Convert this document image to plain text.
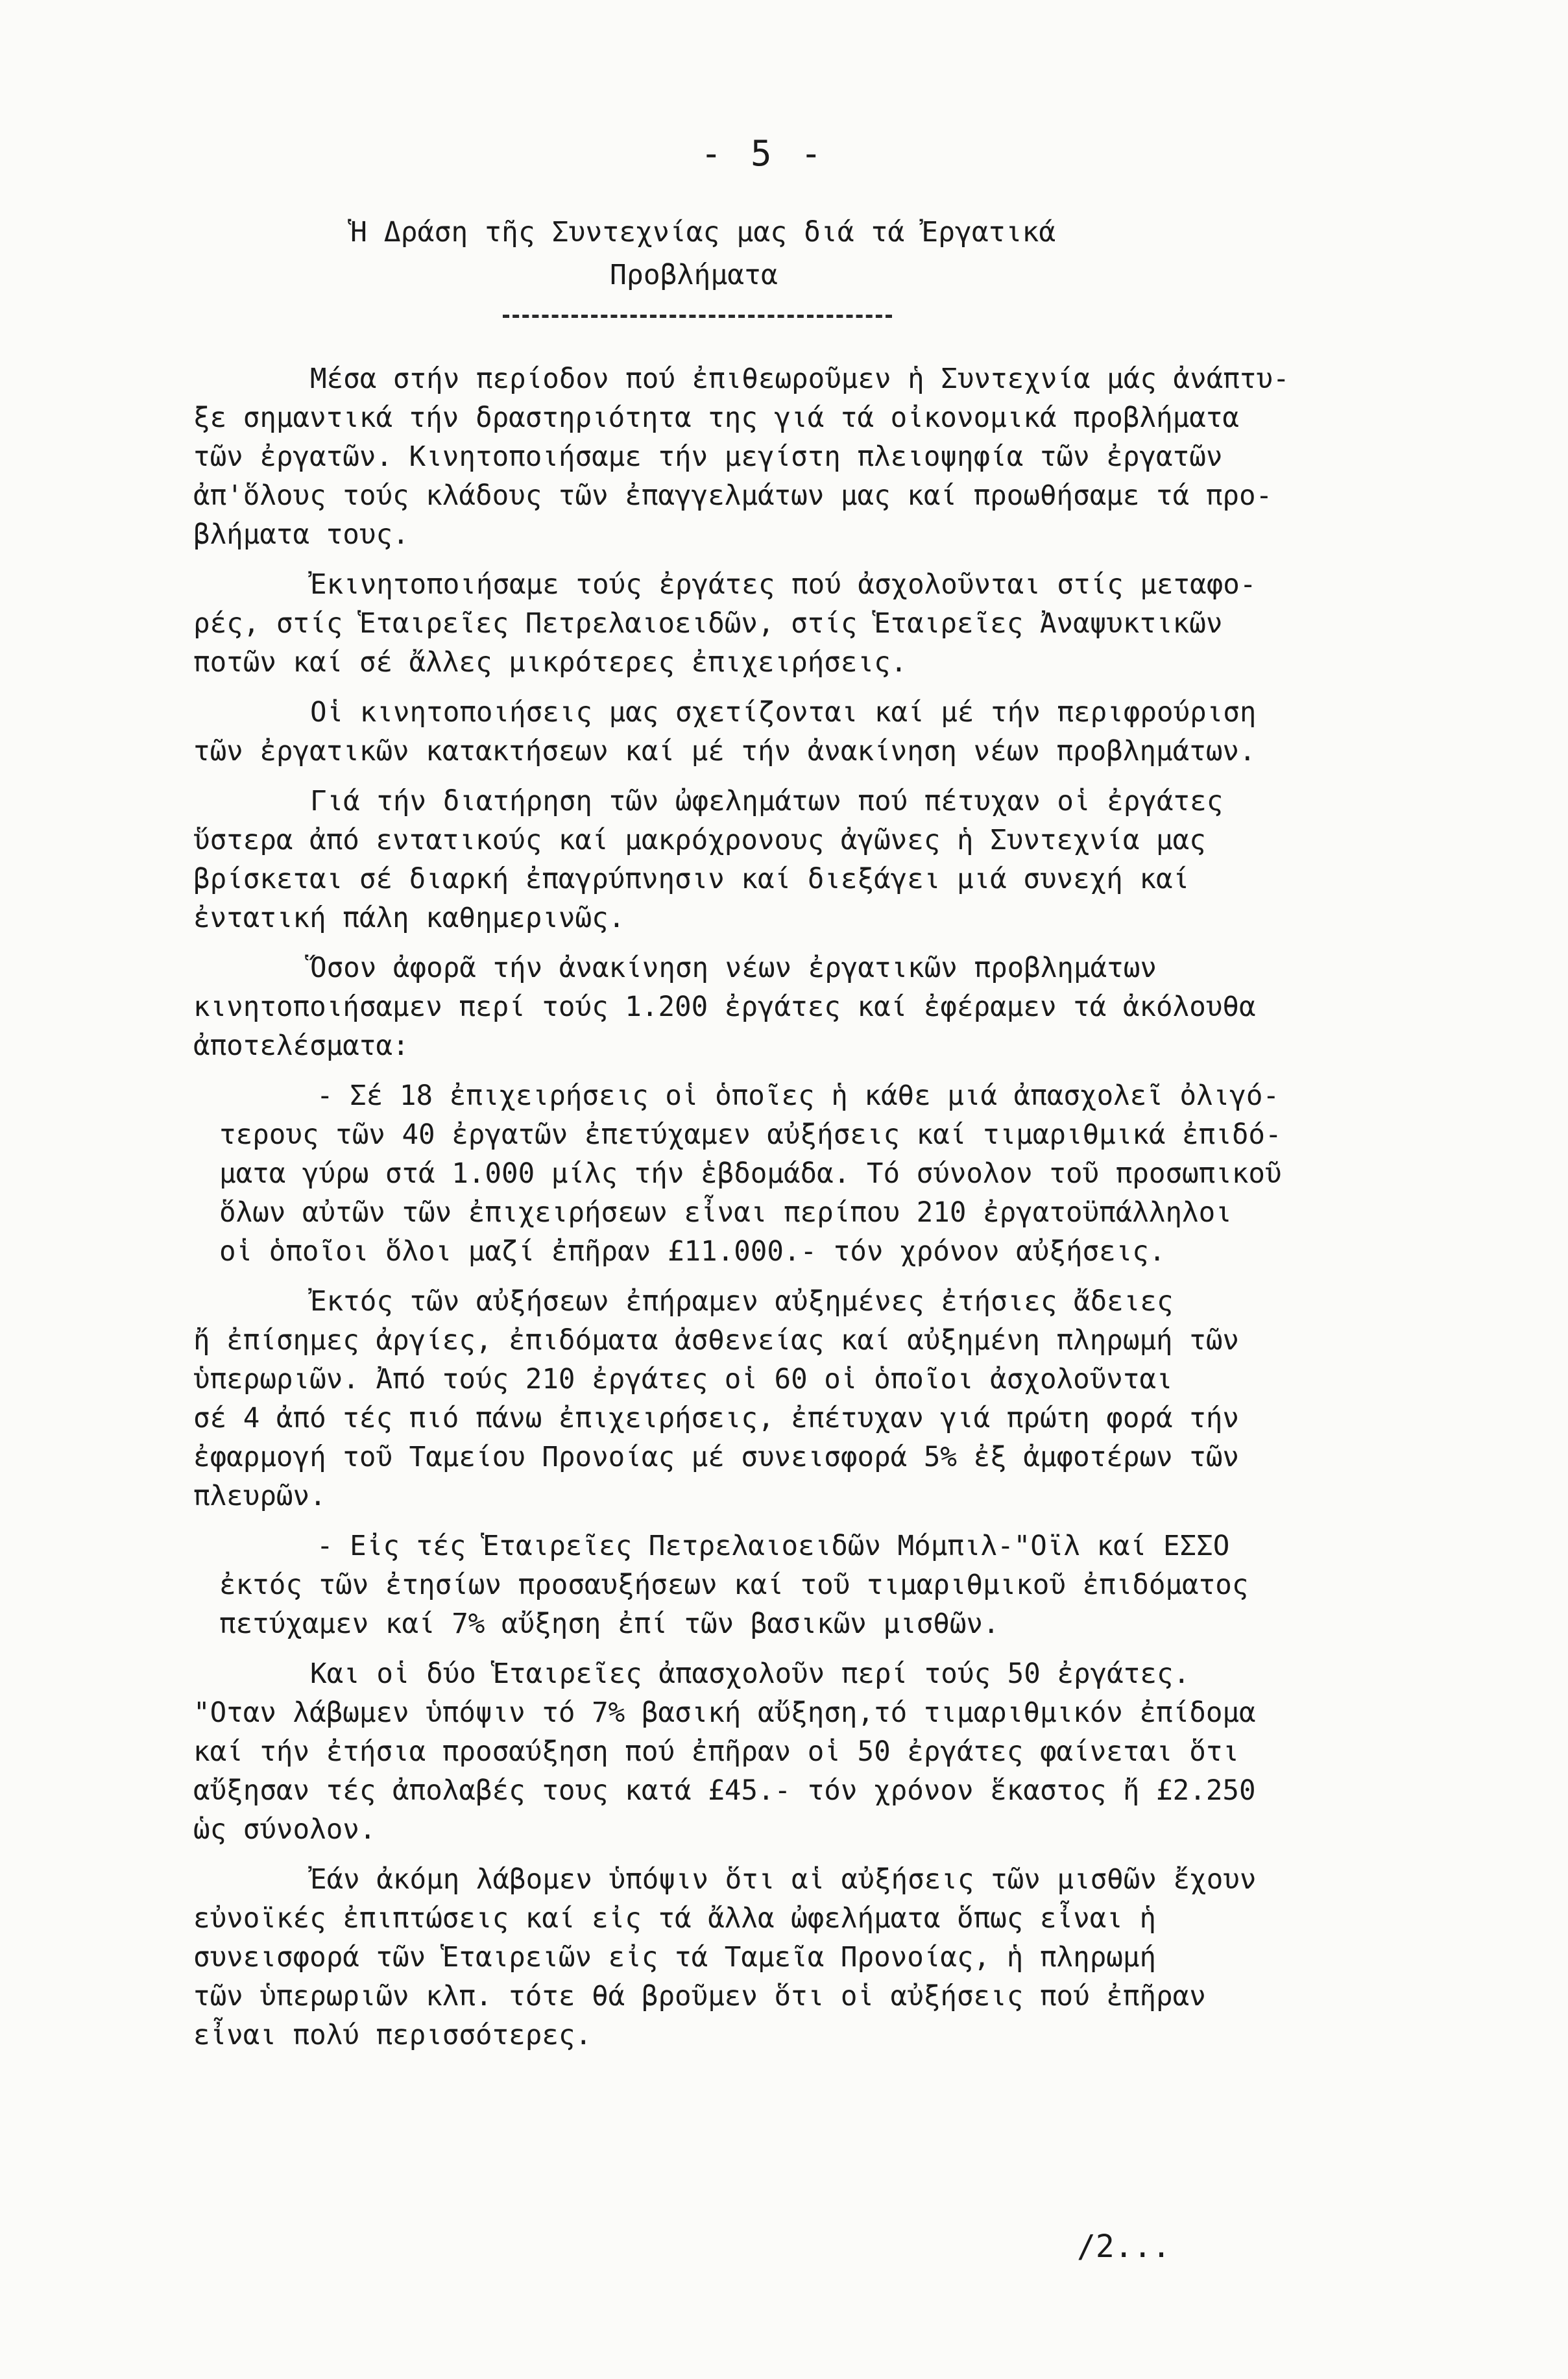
- 5 -
Ἡ Δράση τῆς Συντεχνίας μας διά τά Ἐργατικά
Προβλήματα

Μέσα στήν περίοδον πού ἐπιθεωροῦμεν ἡ Συντεχνία μάς ἀνάπτυ-
ξε σημαντικά τήν δραστηριότητα της γιά τά οἰκονομικά προβλήματα
τῶν ἐργατῶν. Κινητοποιήσαμε τήν μεγίστη πλειοψηφία τῶν ἐργατῶν
ἀπ'ὅλους τούς κλάδους τῶν ἐπαγγελμάτων μας καί προωθήσαμε τά προ-
βλήματα τους.

Ἐκινητοποιήσαμε τούς ἐργάτες πού ἀσχολοῦνται στίς μεταφο-
ρές, στίς Ἑταιρεῖες Πετρελαιοειδῶν, στίς Ἑταιρεῖες Ἀναψυκτικῶν
ποτῶν καί σέ ἄλλες μικρότερες ἐπιχειρήσεις.

Οἱ κινητοποιήσεις μας σχετίζονται καί μέ τήν περιφρούριση
τῶν ἐργατικῶν κατακτήσεων καί μέ τήν ἀνακίνηση νέων προβλημάτων.

Γιά τήν διατήρηση τῶν ὠφελημάτων πού πέτυχαν οἱ ἐργάτες
ὕστερα ἀπό εντατικούς καί μακρόχρονους ἀγῶνες ἡ Συντεχνία μας
βρίσκεται σέ διαρκή ἐπαγρύπνησιν καί διεξάγει μιά συνεχή καί
ἐντατική πάλη καθημερινῶς.

Ὅσον ἀφορᾶ τήν ἀνακίνηση νέων ἐργατικῶν προβλημάτων
κινητοποιήσαμεν περί τούς 1.200 ἐργάτες καί ἐφέραμεν τά ἀκόλουθα
ἀποτελέσματα:

- Σέ 18 ἐπιχειρήσεις οἱ ὁποῖες ἡ κάθε μιά ἀπασχολεῖ ὀλιγό-
τερους τῶν 40 ἐργατῶν ἐπετύχαμεν αὐξήσεις καί τιμαριθμικά ἐπιδό-
ματα γύρω στά 1.000 μίλς τήν ἑβδομάδα. Τό σύνολον τοῦ προσωπικοῦ
ὅλων αὐτῶν τῶν ἐπιχειρήσεων εἶναι περίπου 210 ἐργατοϋπάλληλοι
οἱ ὁποῖοι ὅλοι μαζί ἐπῆραν £11.000.- τόν χρόνον αὐξήσεις.

Ἐκτός τῶν αὐξήσεων ἐπήραμεν αὐξημένες ἐτήσιες ἄδειες
ἤ ἐπίσημες ἀργίες, ἐπιδόματα ἀσθενείας καί αὐξημένη πληρωμή τῶν
ὑπερωριῶν. Ἀπό τούς 210 ἐργάτες οἱ 60 οἱ ὁποῖοι ἀσχολοῦνται
σέ 4 ἀπό τές πιό πάνω ἐπιχειρήσεις, ἐπέτυχαν γιά πρώτη φορά τήν
ἐφαρμογή τοῦ Ταμείου Προνοίας μέ συνεισφορά 5% ἐξ ἀμφοτέρων τῶν
πλευρῶν.

- Εἰς τές Ἑταιρεῖες Πετρελαιοειδῶν Μόμπιλ-"Οϊλ καί ΕΣΣΟ
ἐκτός τῶν ἐτησίων προσαυξήσεων καί τοῦ τιμαριθμικοῦ ἐπιδόματος
πετύχαμεν καί 7% αὔξηση ἐπί τῶν βασικῶν μισθῶν.

Και οἱ δύο Ἑταιρεῖες ἀπασχολοῦν περί τούς 50 ἐργάτες.
"Οταν λάβωμεν ὑπόψιν τό 7% βασική αὔξηση,τό τιμαριθμικόν ἐπίδομα
καί τήν ἐτήσια προσαύξηση πού ἐπῆραν οἱ 50 ἐργάτες φαίνεται ὅτι
αὔξησαν τές ἀπολαβές τους κατά £45.- τόν χρόνον ἕκαστος ἤ £2.250
ὡς σύνολον.

Ἐάν ἀκόμη λάβομεν ὑπόψιν ὅτι αἱ αὐξήσεις τῶν μισθῶν ἔχουν
εὐνοϊκές ἐπιπτώσεις καί εἰς τά ἄλλα ὠφελήματα ὅπως εἶναι ἡ
συνεισφορά τῶν Ἑταιρειῶν εἰς τά Ταμεῖα Προνοίας, ἡ πληρωμή
τῶν ὑπερωριῶν κλπ. τότε θά βροῦμεν ὅτι οἱ αὐξήσεις πού ἐπῆραν
εἶναι πολύ περισσότερες.

/2...
